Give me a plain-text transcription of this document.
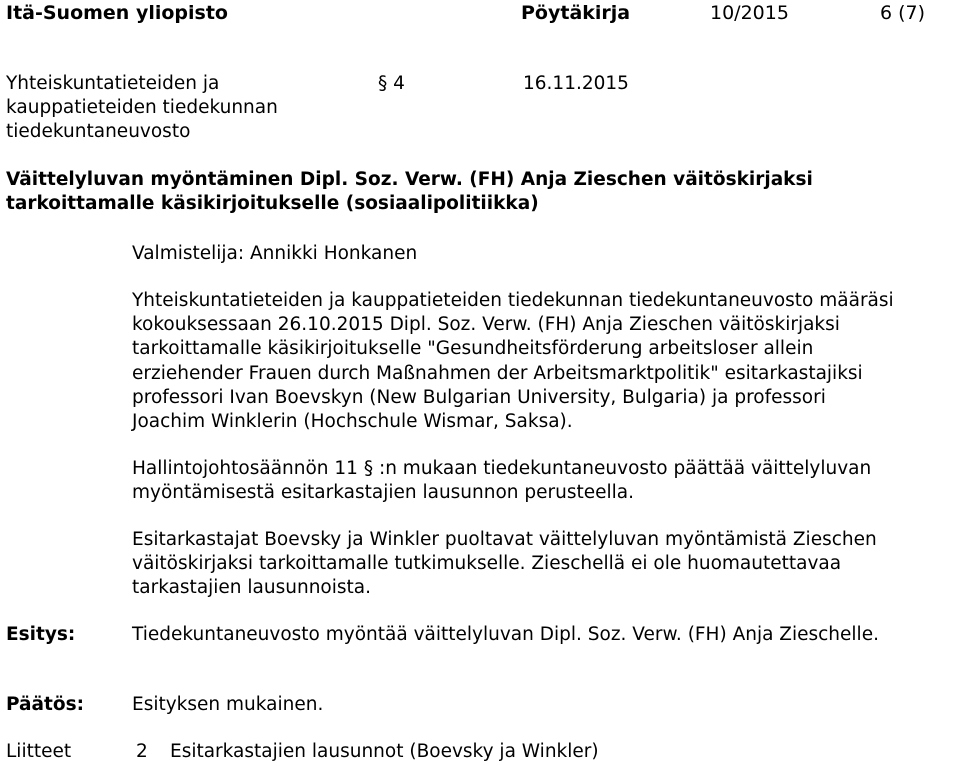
Itä-Suomen yliopisto	Pöytäkirja	10/2015	6 (7)
Yhteiskuntatieteiden ja
kauppatieteiden tiedekunnan
tiedekuntaneuvosto
§ 4	16.11.2015
Väittelyluvan myöntäminen Dipl. Soz. Verw. (FH) Anja Zieschen väitöskirjaksi
tarkoittamalle käsikirjoitukselle (sosiaalipolitiikka)
Valmistelija: Annikki Honkanen
Yhteiskuntatieteiden ja kauppatieteiden tiedekunnan tiedekuntaneuvosto määräsi
kokouksessaan 26.10.2015 Dipl. Soz. Verw. (FH) Anja Zieschen väitöskirjaksi
tarkoittamalle käsikirjoitukselle "Gesundheitsförderung arbeitsloser allein
erziehender Frauen durch Maßnahmen der Arbeitsmarktpolitik" esitarkastajiksi
professori Ivan Boevskyn (New Bulgarian University, Bulgaria) ja professori
Joachim Winklerin (Hochschule Wismar, Saksa).
Hallintojohtosäännön 11 § :n mukaan tiedekuntaneuvosto päättää väittelyluvan
myöntämisestä esitarkastajien lausunnon perusteella.
Esitarkastajat Boevsky ja Winkler puoltavat väittelyluvan myöntämistä Zieschen
väitöskirjaksi tarkoittamalle tutkimukselle. Zieschellä ei ole huomautettavaa
tarkastajien lausunnoista.
Esitys:	Tiedekuntaneuvosto myöntää väittelyluvan Dipl. Soz. Verw. (FH) Anja Zieschelle.
Päätös:	Esityksen mukainen.
Liitteet	2 Esitarkastajien lausunnot (Boevsky ja Winkler)
